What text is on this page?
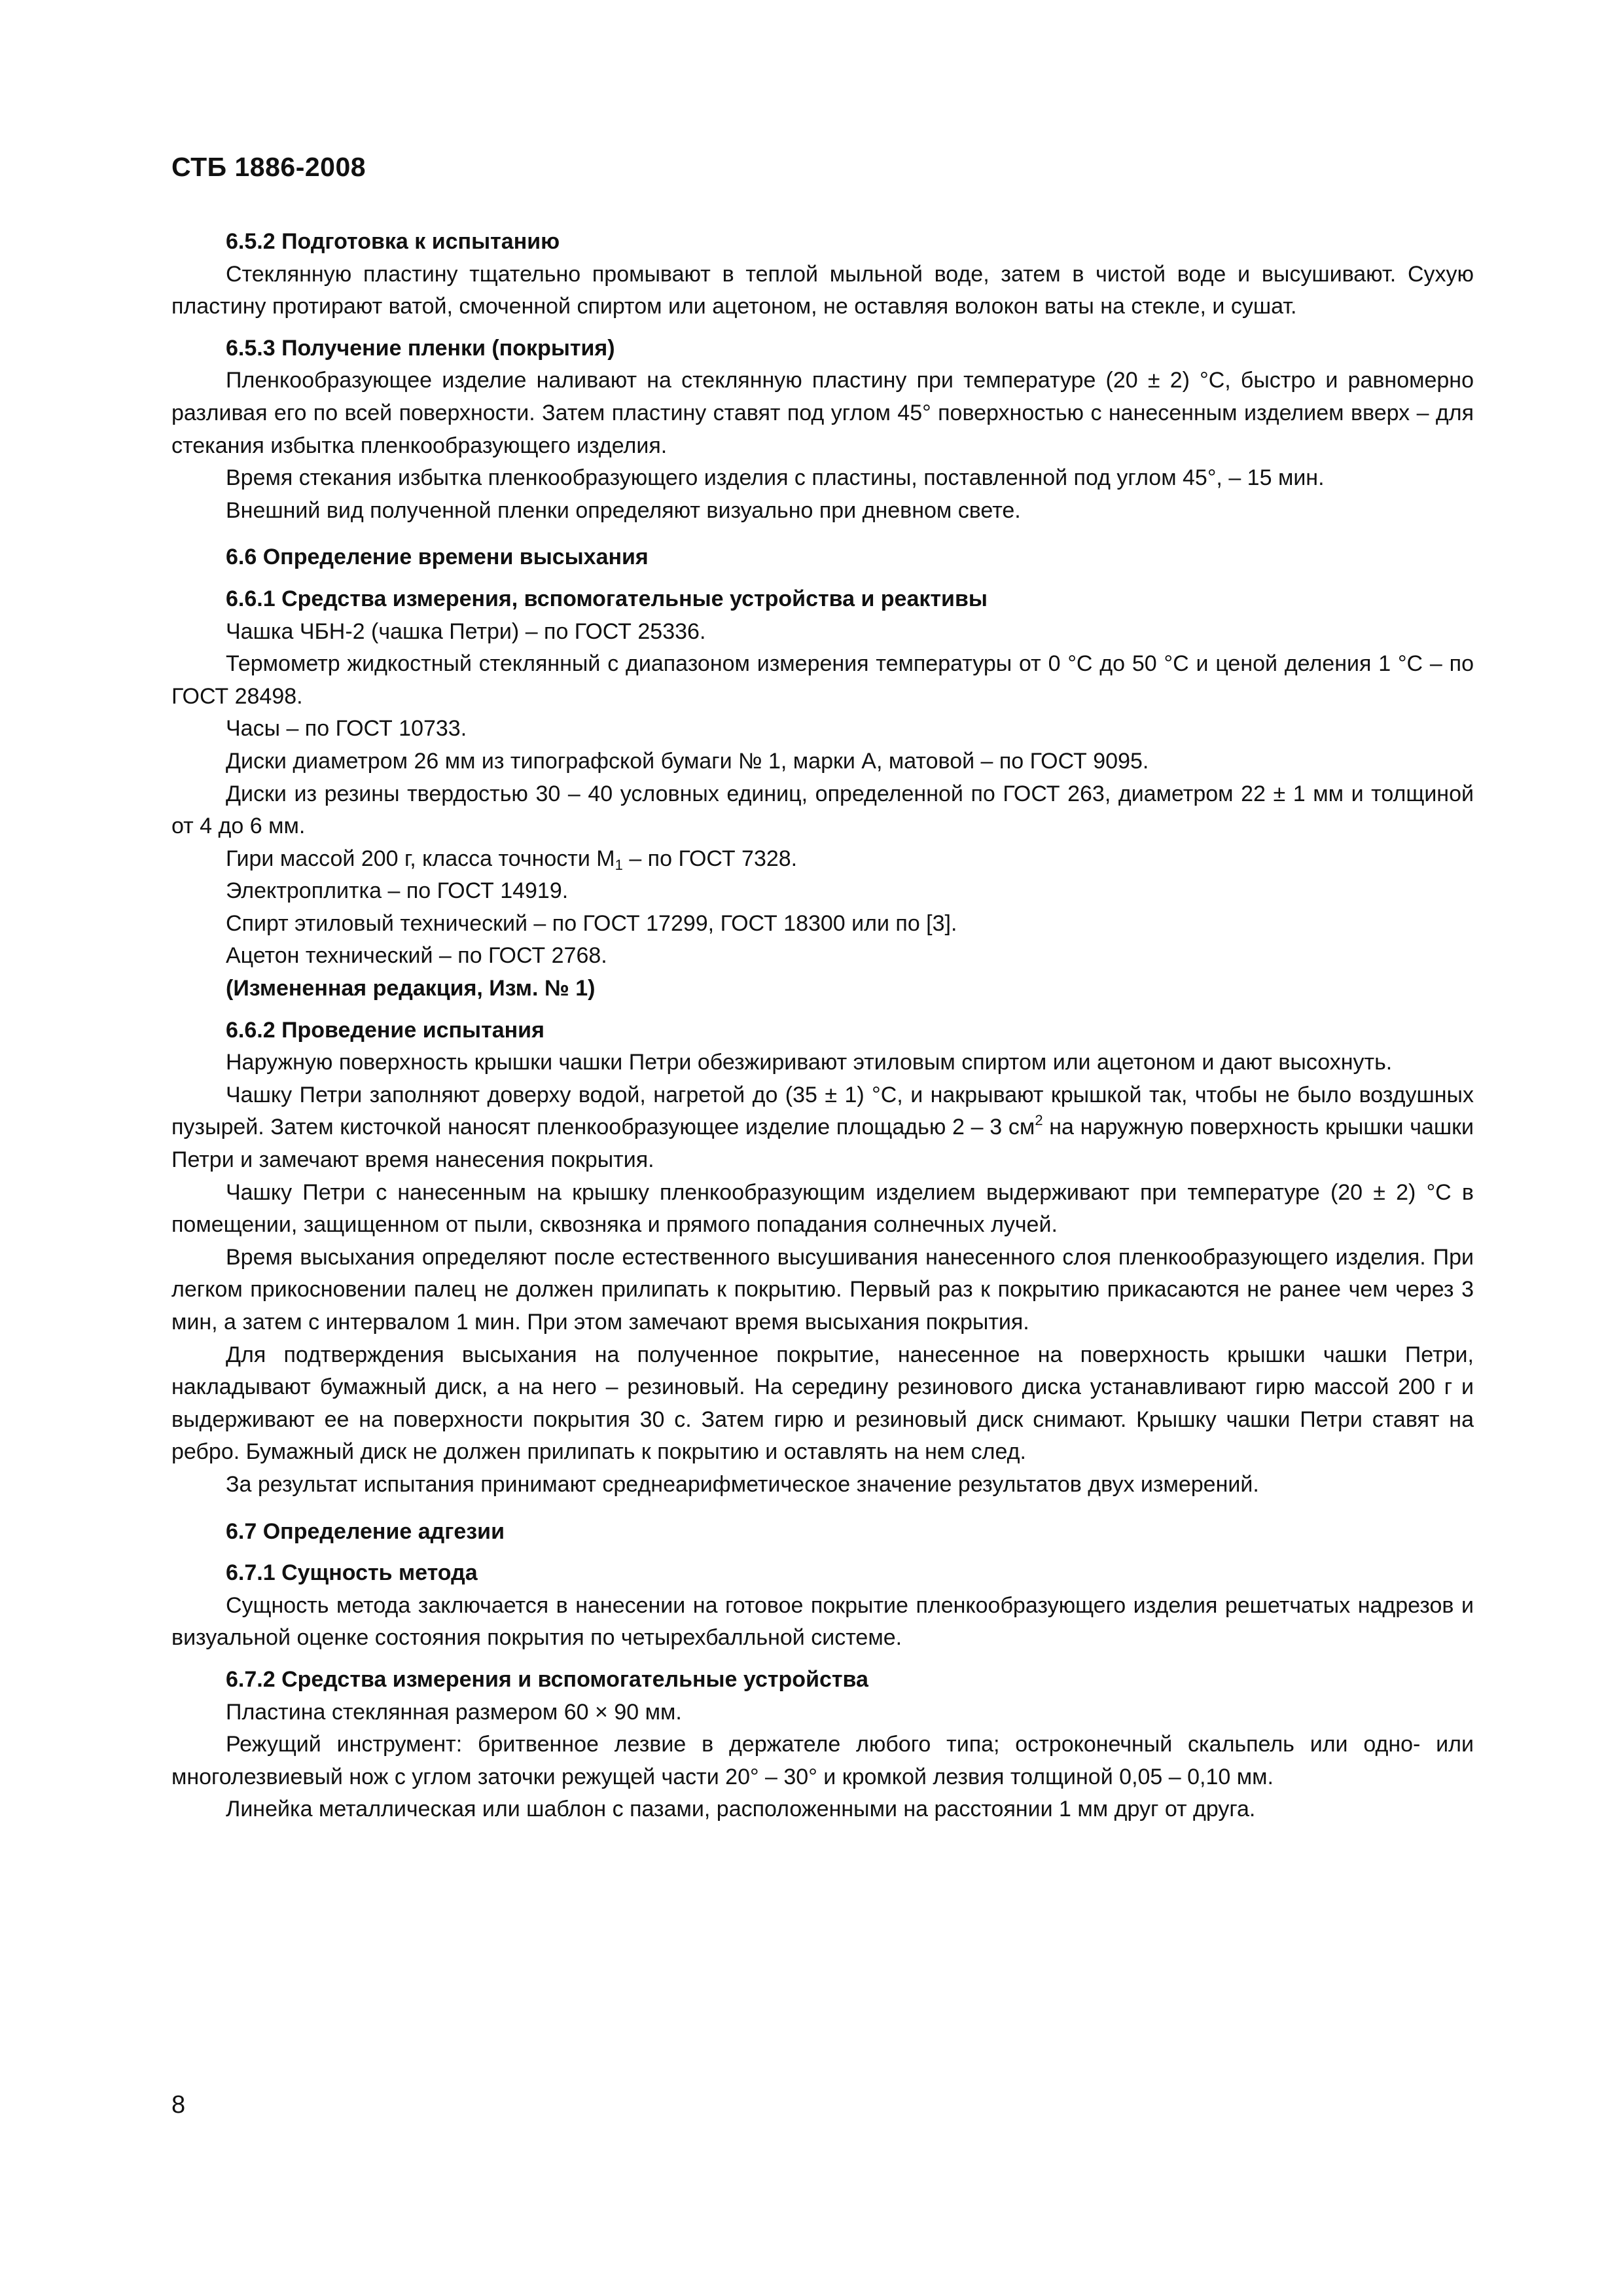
СТБ 1886-2008
6.5.2 Подготовка к испытанию

Стеклянную пластину тщательно промывают в теплой мыльной воде, затем в чистой воде и высушивают. Сухую пластину протирают ватой, смоченной спиртом или ацетоном, не оставляя волокон ваты на стекле, и сушат.

6.5.3 Получение пленки (покрытия)

Пленкообразующее изделие наливают на стеклянную пластину при температуре (20 ± 2) °С, быстро и равномерно разливая его по всей поверхности. Затем пластину ставят под углом 45° поверхностью с нанесенным изделием вверх – для стекания избытка пленкообразующего изделия.

Время стекания избытка пленкообразующего изделия с пластины, поставленной под углом 45°, – 15 мин.

Внешний вид полученной пленки определяют визуально при дневном свете.

6.6 Определение времени высыхания
6.6.1 Средства измерения, вспомогательные устройства и реактивы

Чашка ЧБН-2 (чашка Петри) – по ГОСТ 25336.

Термометр жидкостный стеклянный с диапазоном измерения температуры от 0 °С до 50 °С и ценой деления 1 °С – по ГОСТ 28498.

Часы – по ГОСТ 10733.

Диски диаметром 26 мм из типографской бумаги № 1, марки А, матовой – по ГОСТ 9095.

Диски из резины твердостью 30 – 40 условных единиц, определенной по ГОСТ 263, диаметром 22 ± 1 мм и толщиной от 4 до 6 мм.

Гири массой 200 г, класса точности $М_1$ – по ГОСТ 7328.

Электроплитка – по ГОСТ 14919.

Спирт этиловый технический – по ГОСТ 17299, ГОСТ 18300 или по [3].

Ацетон технический – по ГОСТ 2768.

(Измененная редакция, Изм. № 1)

6.6.2 Проведение испытания

Наружную поверхность крышки чашки Петри обезжиривают этиловым спиртом или ацетоном и дают высохнуть.

Чашку Петри заполняют доверху водой, нагретой до (35 ± 1) °С, и накрывают крышкой так, чтобы не было воздушных пузырей. Затем кисточкой наносят пленкообразующее изделие площадью 2 – 3 $см^2$ на наружную поверхность крышки чашки Петри и замечают время нанесения покрытия.

Чашку Петри с нанесенным на крышку пленкообразующим изделием выдерживают при температуре (20 ± 2) °С в помещении, защищенном от пыли, сквозняка и прямого попадания солнечных лучей.

Время высыхания определяют после естественного высушивания нанесенного слоя пленкообразующего изделия. При легком прикосновении палец не должен прилипать к покрытию. Первый раз к покрытию прикасаются не ранее чем через 3 мин, а затем с интервалом 1 мин. При этом замечают время высыхания покрытия.

Для подтверждения высыхания на полученное покрытие, нанесенное на поверхность крышки чашки Петри, накладывают бумажный диск, а на него – резиновый. На середину резинового диска устанавливают гирю массой 200 г и выдерживают ее на поверхности покрытия 30 с. Затем гирю и резиновый диск снимают. Крышку чашки Петри ставят на ребро. Бумажный диск не должен прилипать к покрытию и оставлять на нем след.

За результат испытания принимают среднеарифметическое значение результатов двух измерений.

6.7 Определение адгезии
6.7.1 Сущность метода

Сущность метода заключается в нанесении на готовое покрытие пленкообразующего изделия решетчатых надрезов и визуальной оценке состояния покрытия по четырехбалльной системе.

6.7.2 Средства измерения и вспомогательные устройства

Пластина стеклянная размером 60 × 90 мм.

Режущий инструмент: бритвенное лезвие в держателе любого типа; остроконечный скальпель или одно- или многолезвиевый нож с углом заточки режущей части 20° – 30° и кромкой лезвия толщиной 0,05 – 0,10 мм.

Линейка металлическая или шаблон с пазами, расположенными на расстоянии 1 мм друг от друга.

8
